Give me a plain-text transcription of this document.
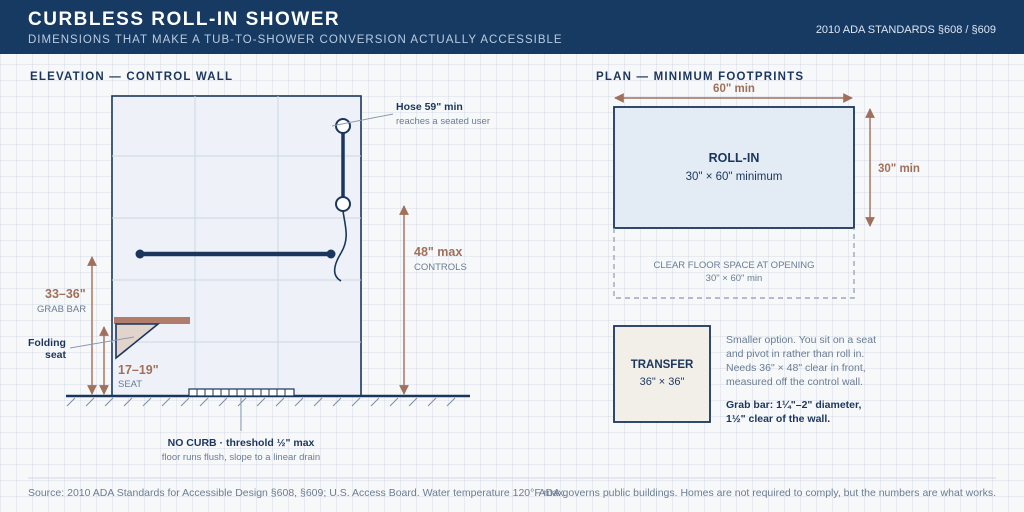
CURBLESS ROLL-IN SHOWER
DIMENSIONS THAT MAKE A TUB-TO-SHOWER CONVERSION ACTUALLY ACCESSIBLE
2010 ADA STANDARDS §608 / §609
ELEVATION — CONTROL WALL
Hose 59" min
reaches a seated user
48" max
CONTROLS
33–36"
GRAB BAR
Folding
seat
17–19"
SEAT
NO CURB · threshold ½" max
floor runs flush, slope to a linear drain
PLAN — MINIMUM FOOTPRINTS
60" min
30" min
ROLL-IN
30" × 60" minimum
CLEAR FLOOR SPACE AT OPENING
30" × 60" min
TRANSFER
36" × 36"
Smaller option. You sit on a seat and pivot in rather than roll in. Needs 36" × 48" clear in front, measured off the control wall.
Grab bar: 1¼"–2" diameter, 1½" clear of the wall.
Source: 2010 ADA Standards for Accessible Design §608, §609; U.S. Access Board. Water temperature 120°F max.
ADA governs public buildings. Homes are not required to comply, but the numbers are what works.
